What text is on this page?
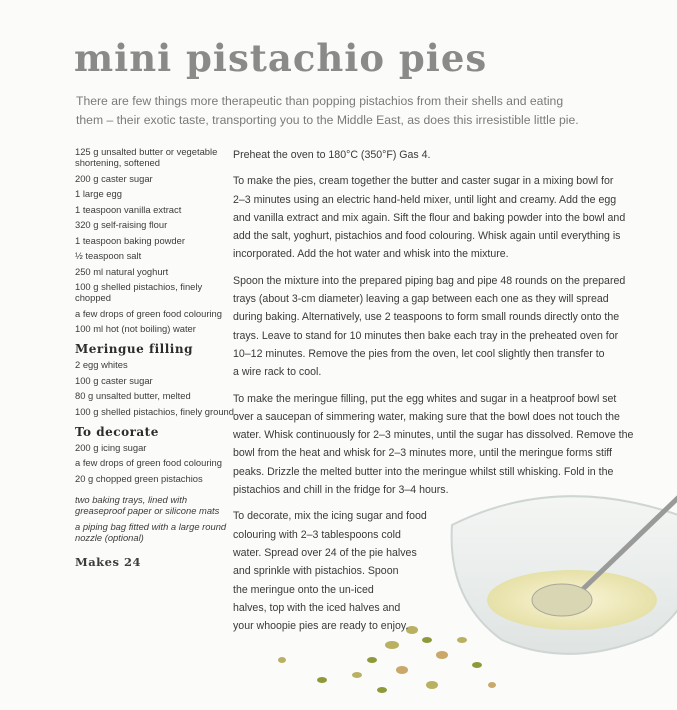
mini pistachio pies
There are few things more therapeutic than popping pistachios from their shells and eating
them – their exotic taste, transporting you to the Middle East, as does this irresistible little pie.
125 g unsalted butter or vegetable shortening, softened
200 g caster sugar
1 large egg
1 teaspoon vanilla extract
320 g self-raising flour
1 teaspoon baking powder
½ teaspoon salt
250 ml natural yoghurt
100 g shelled pistachios, finely chopped
a few drops of green food colouring
100 ml hot (not boiling) water
Meringue filling
2 egg whites
100 g caster sugar
80 g unsalted butter, melted
100 g shelled pistachios, finely ground
To decorate
200 g icing sugar
a few drops of green food colouring
20 g chopped green pistachios
two baking trays, lined with greaseproof paper or silicone mats
a piping bag fitted with a large round nozzle (optional)
Makes 24
Preheat the oven to 180°C (350°F) Gas 4.
To make the pies, cream together the butter and caster sugar in a mixing bowl for
2–3 minutes using an electric hand-held mixer, until light and creamy. Add the egg
and vanilla extract and mix again. Sift the flour and baking powder into the bowl and
add the salt, yoghurt, pistachios and food colouring. Whisk again until everything is
incorporated. Add the hot water and whisk into the mixture.
Spoon the mixture into the prepared piping bag and pipe 48 rounds on the prepared
trays (about 3-cm diameter) leaving a gap between each one as they will spread
during baking. Alternatively, use 2 teaspoons to form small rounds directly onto the
trays. Leave to stand for 10 minutes then bake each tray in the preheated oven for
10–12 minutes. Remove the pies from the oven, let cool slightly then transfer to
a wire rack to cool.
To make the meringue filling, put the egg whites and sugar in a heatproof bowl set
over a saucepan of simmering water, making sure that the bowl does not touch the
water. Whisk continuously for 2–3 minutes, until the sugar has dissolved. Remove the
bowl from the heat and whisk for 2–3 minutes more, until the meringue forms stiff
peaks. Drizzle the melted butter into the meringue whilst still whisking. Fold in the
pistachios and chill in the fridge for 3–4 hours.
To decorate, mix the icing sugar and food
colouring with 2–3 tablespoons cold
water. Spread over 24 of the pie halves
and sprinkle with pistachios. Spoon
the meringue onto the un-iced
halves, top with the iced halves and
your whoopie pies are ready to enjoy.
